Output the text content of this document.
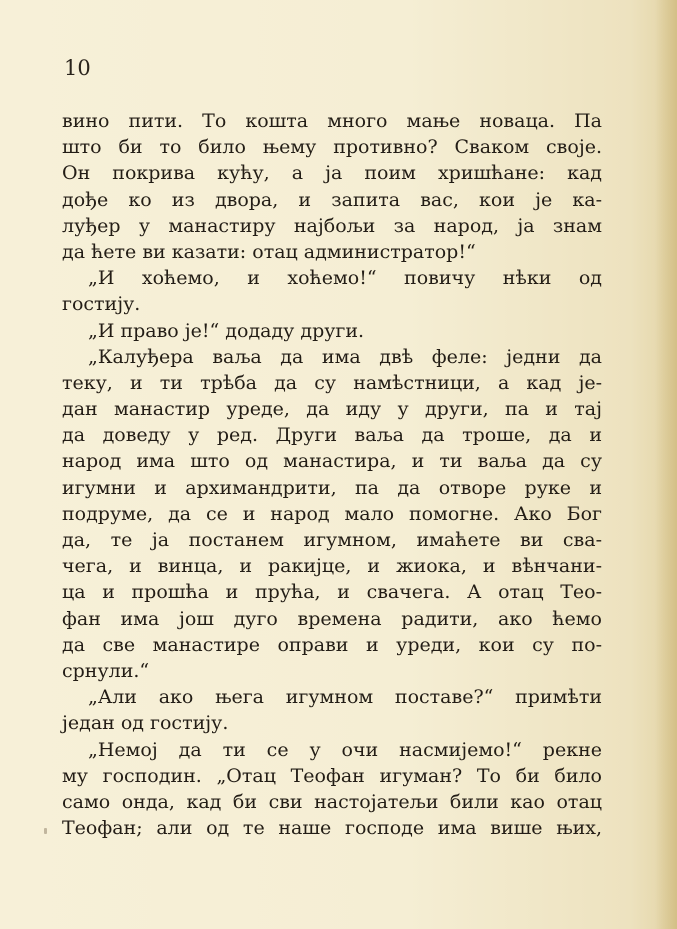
10
вино пити. То кошта много мање новаца. Па
што би то било њему противно? Сваком своје.
Он покрива кућу, а ја поим хришћане: кад
дође ко из двора, и запита вас, кои је ка-
луђер у манастиру најбољи за народ, ја знам
да ћете ви казати: отац администратор!“
„И хоћемо, и хоћемо!“ повичу нѣки од
гостију.
„И право је!“ додаду други.
„Калуђера ваља да има двѣ феле: једни да
теку, и ти трѣба да су намѣстници, а кад је-
дан манастир уреде, да иду у други, па и тај
да доведу у ред. Други ваља да троше, да и
народ има што од манастира, и ти ваља да су
игумни и архимандрити, па да отворе руке и
подруме, да се и народ мало помогне. Ако Бог
да, те ја постанем игумном, имаћете ви сва-
чега, и винца, и ракијце, и жиока, и вѣнчани-
ца и прошћа и прућа, и свачега. А отац Тео-
фан има још дуго времена радити, ако ћемо
да све манастире оправи и уреди, кои су по-
срнули.“
„Али ако њега игумном поставе?“ примѣти
један од гостију.
„Немој да ти се у очи насмијемо!“ рекне
му господин. „Отац Теофан игуман? То би било
само онда, кад би сви настојатељи били као отац
Теофан; али од те наше господе има више њих,
